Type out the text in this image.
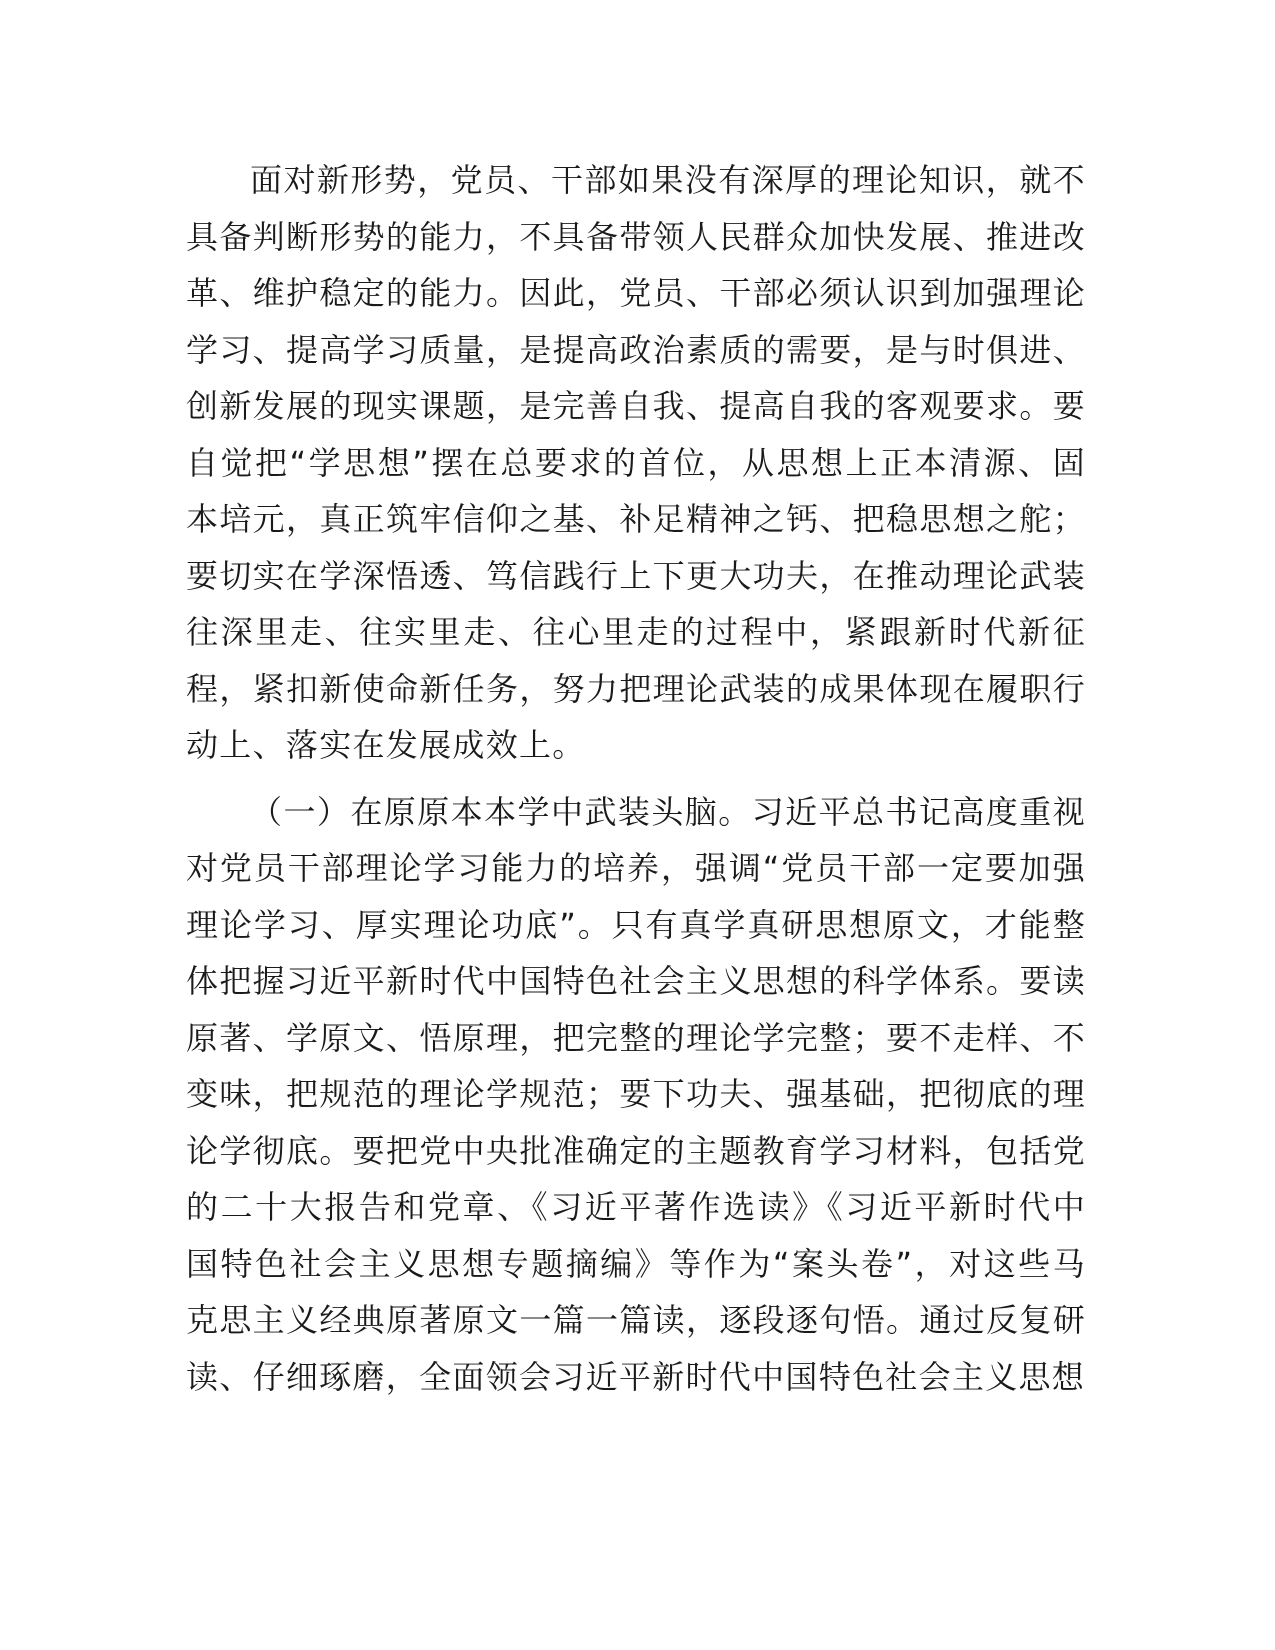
面对新形势，党员、干部如果没有深厚的理论知识，就不具备判断形势的能力，不具备带领人民群众加快发展、推进改革、维护稳定的能力。因此，党员、干部必须认识到加强理论学习、提高学习质量，是提高政治素质的需要，是与时俱进、创新发展的现实课题，是完善自我、提高自我的客观要求。要自觉把“学思想”摆在总要求的首位，从思想上正本清源、固本培元，真正筑牢信仰之基、补足精神之钙、把稳思想之舵；要切实在学深悟透、笃信践行上下更大功夫，在推动理论武装往深里走、往实里走、往心里走的过程中，紧跟新时代新征程，紧扣新使命新任务，努力把理论武装的成果体现在履职行动上、落实在发展成效上。

（一）在原原本本学中武装头脑。习近平总书记高度重视对党员干部理论学习能力的培养，强调“党员干部一定要加强理论学习、厚实理论功底”。只有真学真研思想原文，才能整体把握习近平新时代中国特色社会主义思想的科学体系。要读原著、学原文、悟原理，把完整的理论学完整；要不走样、不变味，把规范的理论学规范；要下功夫、强基础，把彻底的理论学彻底。要把党中央批准确定的主题教育学习材料，包括党的二十大报告和党章、《习近平著作选读》《习近平新时代中国特色社会主义思想专题摘编》等作为“案头卷”，对这些马克思主义经典原著原文一篇一篇读，逐段逐句悟。通过反复研读、仔细琢磨，全面领会习近平新时代中国特色社会主义思想
